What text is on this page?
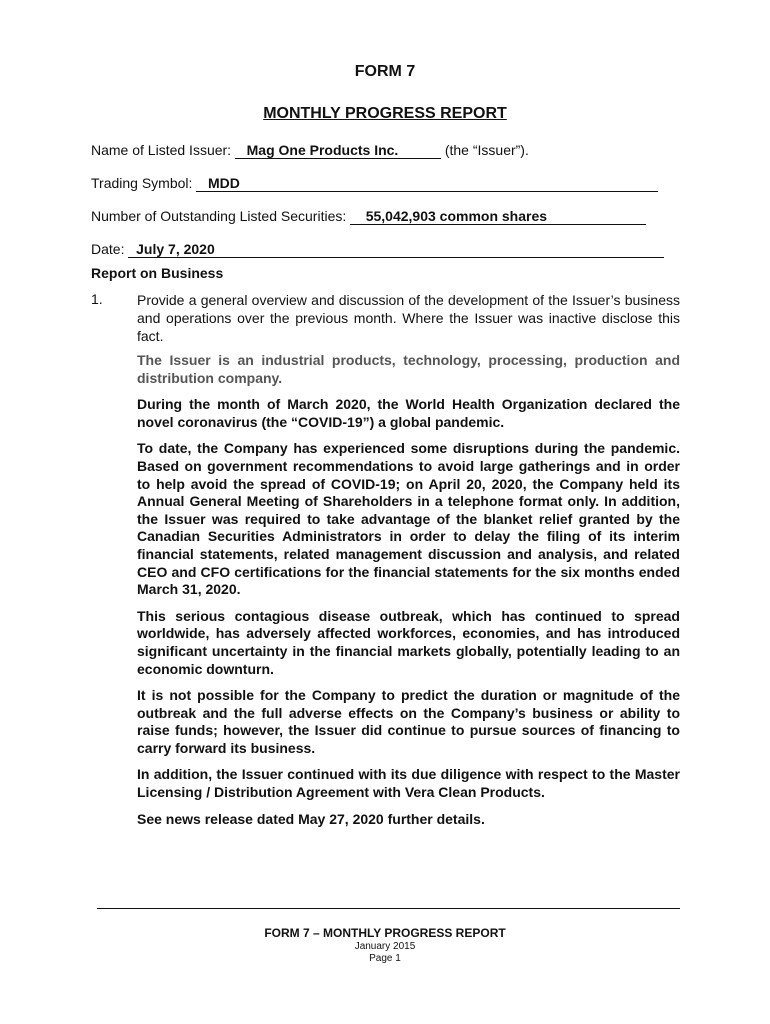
FORM 7
MONTHLY PROGRESS REPORT
Name of Listed Issuer: Mag One Products Inc.	(the “Issuer”).
Trading Symbol: MDD
Number of Outstanding Listed Securities: 55,042,903 common shares
Date: July 7, 2020
Report on Business
1. Provide a general overview and discussion of the development of the Issuer’s business and operations over the previous month. Where the Issuer was inactive disclose this fact.

The Issuer is an industrial products, technology, processing, production and distribution company.

During the month of March 2020, the World Health Organization declared the novel coronavirus (the “COVID-19”) a global pandemic.

To date, the Company has experienced some disruptions during the pandemic. Based on government recommendations to avoid large gatherings and in order to help avoid the spread of COVID-19; on April 20, 2020, the Company held its Annual General Meeting of Shareholders in a telephone format only. In addition, the Issuer was required to take advantage of the blanket relief granted by the Canadian Securities Administrators in order to delay the filing of its interim financial statements, related management discussion and analysis, and related CEO and CFO certifications for the financial statements for the six months ended March 31, 2020.

This serious contagious disease outbreak, which has continued to spread worldwide, has adversely affected workforces, economies, and has introduced significant uncertainty in the financial markets globally, potentially leading to an economic downturn.

It is not possible for the Company to predict the duration or magnitude of the outbreak and the full adverse effects on the Company’s business or ability to raise funds; however, the Issuer did continue to pursue sources of financing to carry forward its business.

In addition, the Issuer continued with its due diligence with respect to the Master Licensing / Distribution Agreement with Vera Clean Products.

See news release dated May 27, 2020 further details.

FORM 7 – MONTHLY PROGRESS REPORT
January 2015
Page 1
